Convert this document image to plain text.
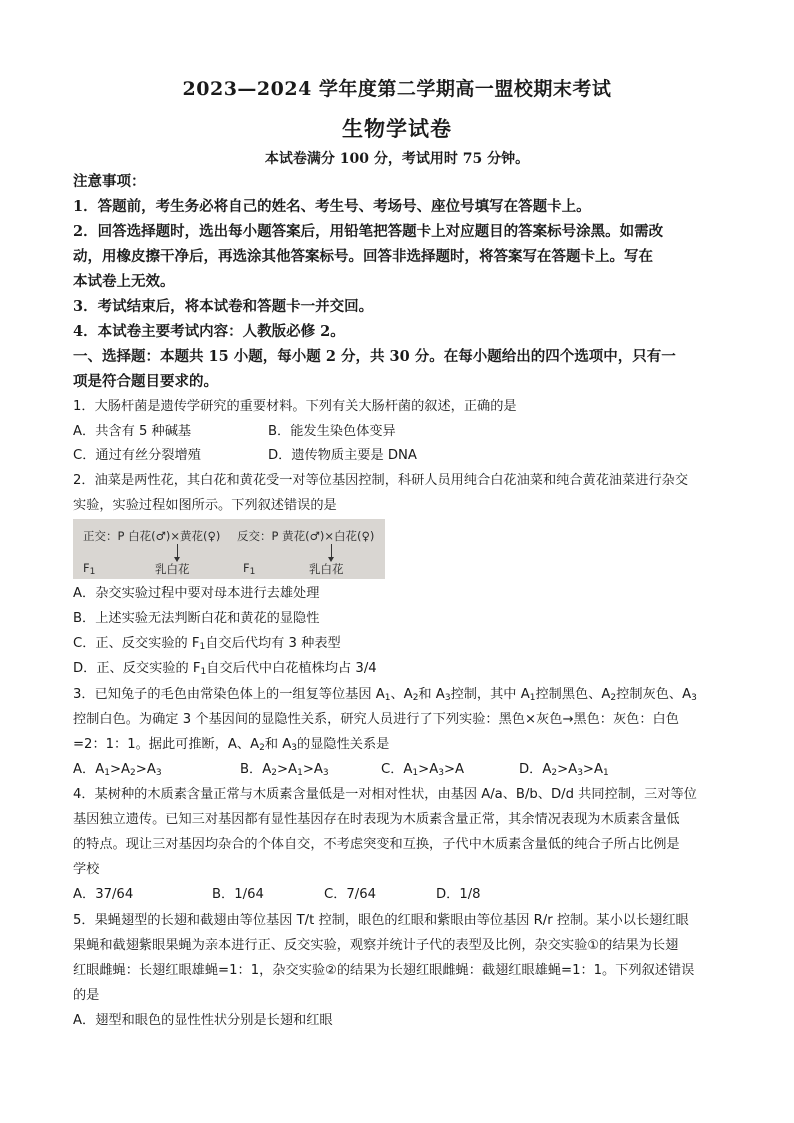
2023—2024 学年度第二学期高一盟校期末考试
生物学试卷
本试卷满分 100 分，考试用时 75 分钟。
注意事项：
1．答题前，考生务必将自己的姓名、考生号、考场号、座位号填写在答题卡上。
2．回答选择题时，选出每小题答案后，用铅笔把答题卡上对应题目的答案标号涂黑。如需改
动，用橡皮擦干净后，再选涂其他答案标号。回答非选择题时，将答案写在答题卡上。写在
本试卷上无效。
3．考试结束后，将本试卷和答题卡一并交回。
4．本试卷主要考试内容：人教版必修 2。
一、选择题：本题共 15 小题，每小题 2 分，共 30 分。在每小题给出的四个选项中，只有一
项是符合题目要求的。
1．大肠杆菌是遗传学研究的重要材料。下列有关大肠杆菌的叙述，正确的是
A．共含有 5 种碱基	B．能发生染色体变异
C．通过有丝分裂增殖	D．遗传物质主要是 DNA
2．油菜是两性花，其白花和黄花受一对等位基因控制，科研人员用纯合白花油菜和纯合黄花油菜进行杂交
实验，实验过程如图所示。下列叙述错误的是
正交：P 白花(♂)×黄花(♀)
F1	乳白花
反交：P 黄花(♂)×白花(♀)
F1	乳白花
A．杂交实验过程中要对母本进行去雄处理
B．上述实验无法判断白花和黄花的显隐性
C．正、反交实验的 F1自交后代均有 3 种表型
D．正、反交实验的 F1自交后代中白花植株均占 3/4
3．已知兔子的毛色由常染色体上的一组复等位基因 A1、A2和 A3控制，其中 A1控制黑色、A2控制灰色、A3
控制白色。为确定 3 个基因间的显隐性关系，研究人员进行了下列实验：黑色×灰色→黑色：灰色：白色
=2：1：1。据此可推断，A、A2和 A3的显隐性关系是
A．A1>A2>A3	B．A2>A1>A3	C．A1>A3>A	D．A2>A3>A1
4．某树种的木质素含量正常与木质素含量低是一对相对性状，由基因 A/a、B/b、D/d 共同控制，三对等位
基因独立遗传。已知三对基因都有显性基因存在时表现为木质素含量正常，其余情况表现为木质素含量低
的特点。现让三对基因均杂合的个体自交，不考虑突变和互换，子代中木质素含量低的纯合子所占比例是
学校
A．37/64	B．1/64	C．7/64	D．1/8
5．果蝇翅型的长翅和截翅由等位基因 T/t 控制，眼色的红眼和紫眼由等位基因 R/r 控制。某小以长翅红眼
果蝇和截翅紫眼果蝇为亲本进行正、反交实验，观察并统计子代的表型及比例，杂交实验①的结果为长翅
红眼雌蝇：长翅红眼雄蝇=1：1，杂交实验②的结果为长翅红眼雌蝇：截翅红眼雄蝇=1：1。下列叙述错误
的是
A．翅型和眼色的显性性状分别是长翅和红眼
